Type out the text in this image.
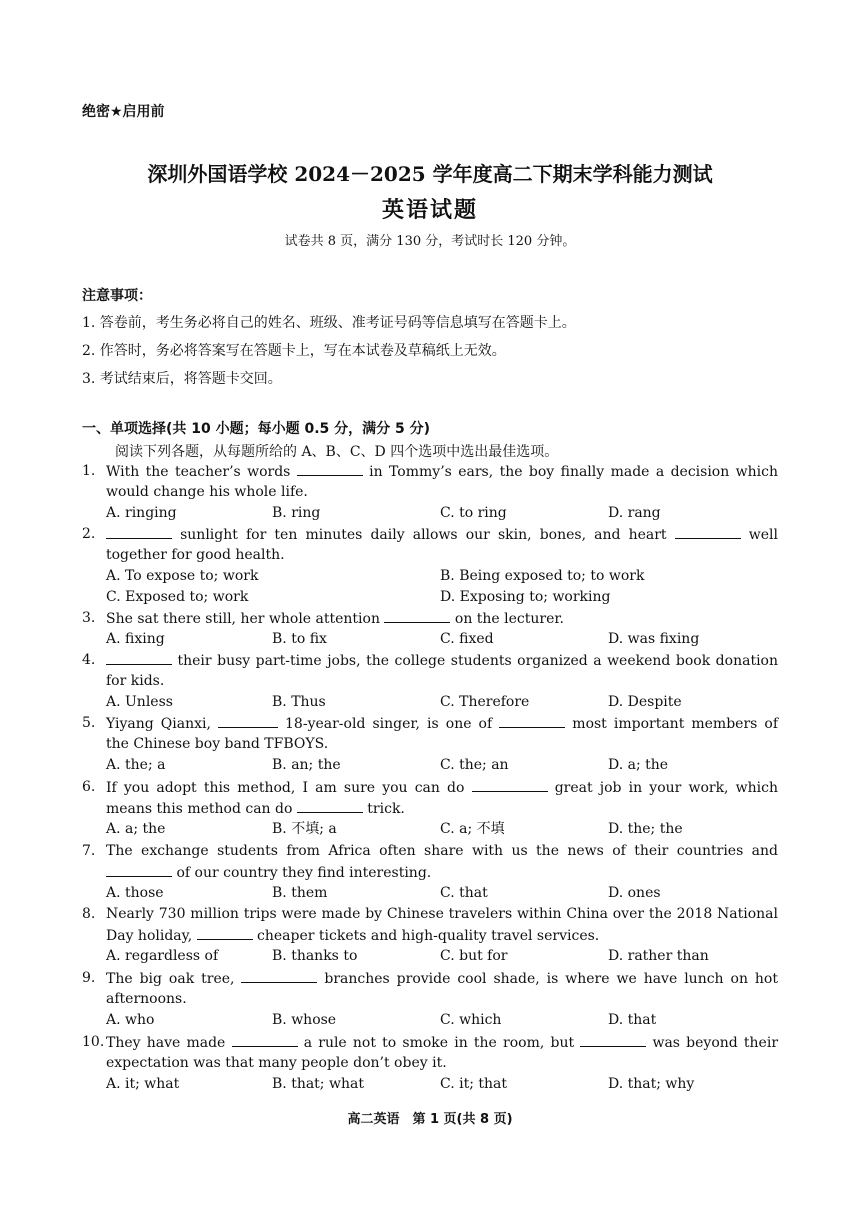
绝密★启用前
深圳外国语学校 2024－2025 学年度高二下期末学科能力测试
英语试题
试卷共 8 页，满分 130 分，考试时长 120 分钟。
注意事项：
1. 答卷前，考生务必将自己的姓名、班级、准考证号码等信息填写在答题卡上。
2. 作答时，务必将答案写在答题卡上，写在本试卷及草稿纸上无效。
3. 考试结束后，将答题卡交回。
一、单项选择(共 10 小题；每小题 0.5 分，满分 5 分)
阅读下列各题，从每题所给的 A、B、C、D 四个选项中选出最佳选项。
1. With the teacher’s words	in Tommy’s ears, the boy finally made a decision which
would change his whole life.
A. ringing	B. ring	C. to ring	D. rang
2.	sunlight for ten minutes daily allows our skin, bones, and heart	well
together for good health.
A. To expose to; work	B. Being exposed to; to work
C. Exposed to; work	D. Exposing to; working
3. She sat there still, her whole attention	on the lecturer.
A. fixing	B. to fix	C. fixed	D. was fixing
4.	their busy part-time jobs, the college students organized a weekend book donation
for kids.
A. Unless	B. Thus	C. Therefore	D. Despite
5. Yiyang Qianxi,	18-year-old singer, is one of	most important members of
the Chinese boy band TFBOYS.
A. the; a	B. an; the	C. the; an	D. a; the
6. If you adopt this method, I am sure you can do	great job in your work, which
means this method can do	trick.
A. a; the	B. 不填; a	C. a; 不填	D. the; the
7. The exchange students from Africa often share with us the news of their countries and
of our country they find interesting.
A. those	B. them	C. that	D. ones
8. Nearly 730 million trips were made by Chinese travelers within China over the 2018 National
Day holiday,	cheaper tickets and high-quality travel services.
A. regardless of	B. thanks to	C. but for	D. rather than
9. The big oak tree,	branches provide cool shade, is where we have lunch on hot
afternoons.
A. who	B. whose	C. which	D. that
10. They have made	a rule not to smoke in the room, but	was beyond their
expectation was that many people don’t obey it.
A. it; what	B. that; what	C. it; that	D. that; why
高二英语　第 1 页(共 8 页)
